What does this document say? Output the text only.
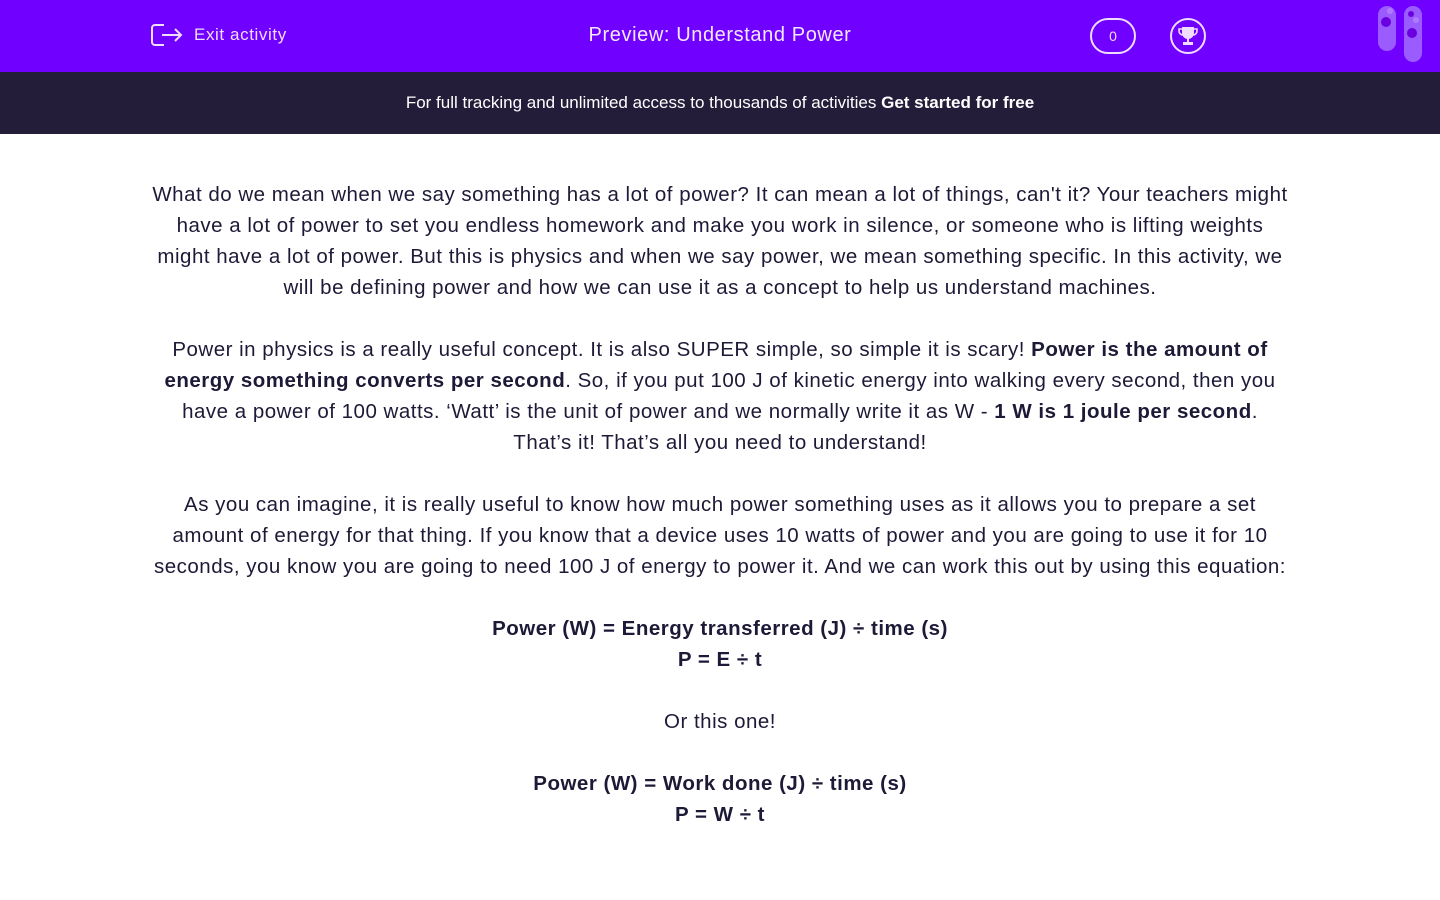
Exit activity	Preview: Understand Power	0
For full tracking and unlimited access to thousands of activities Get started for free

What do we mean when we say something has a lot of power? It can mean a lot of things, can't it? Your teachers might have a lot of power to set you endless homework and make you work in silence, or someone who is lifting weights might have a lot of power. But this is physics and when we say power, we mean something specific. In this activity, we will be defining power and how we can use it as a concept to help us understand machines.

Power in physics is a really useful concept. It is also SUPER simple, so simple it is scary! Power is the amount of energy something converts per second. So, if you put 100 J of kinetic energy into walking every second, then you have a power of 100 watts. ‘Watt’ is the unit of power and we normally write it as W - 1 W is 1 joule per second. That’s it! That’s all you need to understand!

As you can imagine, it is really useful to know how much power something uses as it allows you to prepare a set amount of energy for that thing. If you know that a device uses 10 watts of power and you are going to use it for 10 seconds, you know you are going to need 100 J of energy to power it. And we can work this out by using this equation:

Power (W) = Energy transferred (J) ÷ time (s)
P = E ÷ t

Or this one!

Power (W) = Work done (J) ÷ time (s)
P = W ÷ t
